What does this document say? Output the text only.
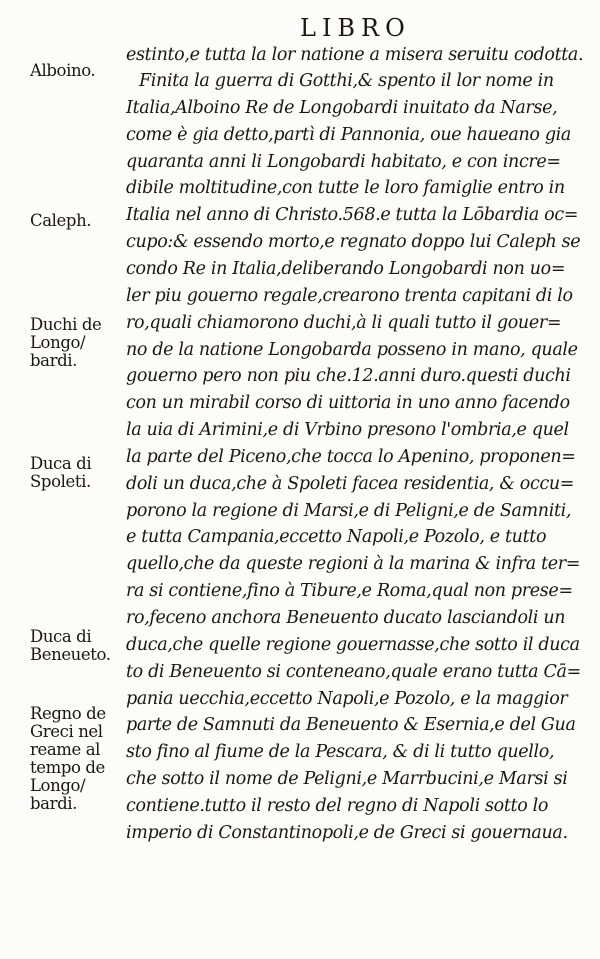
LIBRO
Alboino.
Caleph.
Duchi de
Longo/
bardi.
Duca di
Spoleti.
Duca di
Beneueto.
Regno de
Greci nel
reame al
tempo de
Longo/
bardi.
estinto,e tutta la lor natione a misera seruitu codotta.
Finita la guerra di Gotthi,& spento il lor nome in
Italia,Alboino Re de Longobardi inuitato da Narse,
come è gia detto,partì di Pannonia, oue haueano gia
quaranta anni li Longobardi habitato, e con incre=
dibile moltitudine,con tutte le loro famiglie entro in
Italia nel anno di Christo.568.e tutta la Lōbardia oc=
cupo:& essendo morto,e regnato doppo lui Caleph se
condo Re in Italia,deliberando Longobardi non uo=
ler piu gouerno regale,crearono trenta capitani di lo
ro,quali chiamorono duchi,à li quali tutto il gouer=
no de la natione Longobarda posseno in mano, quale
gouerno pero non piu che.12.anni duro.questi duchi
con un mirabil corso di uittoria in uno anno facendo
la uia di Arimini,e di Vrbino presono l'ombria,e quel
la parte del Piceno,che tocca lo Apenino, proponen=
doli un duca,che à Spoleti facea residentia, & occu=
porono la regione di Marsi,e di Peligni,e de Samniti,
e tutta Campania,eccetto Napoli,e Pozolo, e tutto
quello,che da queste regioni à la marina & infra ter=
ra si contiene,fino à Tibure,e Roma,qual non prese=
ro,feceno anchora Beneuento ducato lasciandoli un
duca,che quelle regione gouernasse,che sotto il duca
to di Beneuento si conteneano,quale erano tutta Cā=
pania uecchia,eccetto Napoli,e Pozolo, e la maggior
parte de Samnuti da Beneuento & Esernia,e del Gua
sto fino al fiume de la Pescara, & di li tutto quello,
che sotto il nome de Peligni,e Marrbucini,e Marsi si
contiene.tutto il resto del regno di Napoli sotto lo
imperio di Constantinopoli,e de Greci si gouernaua.
